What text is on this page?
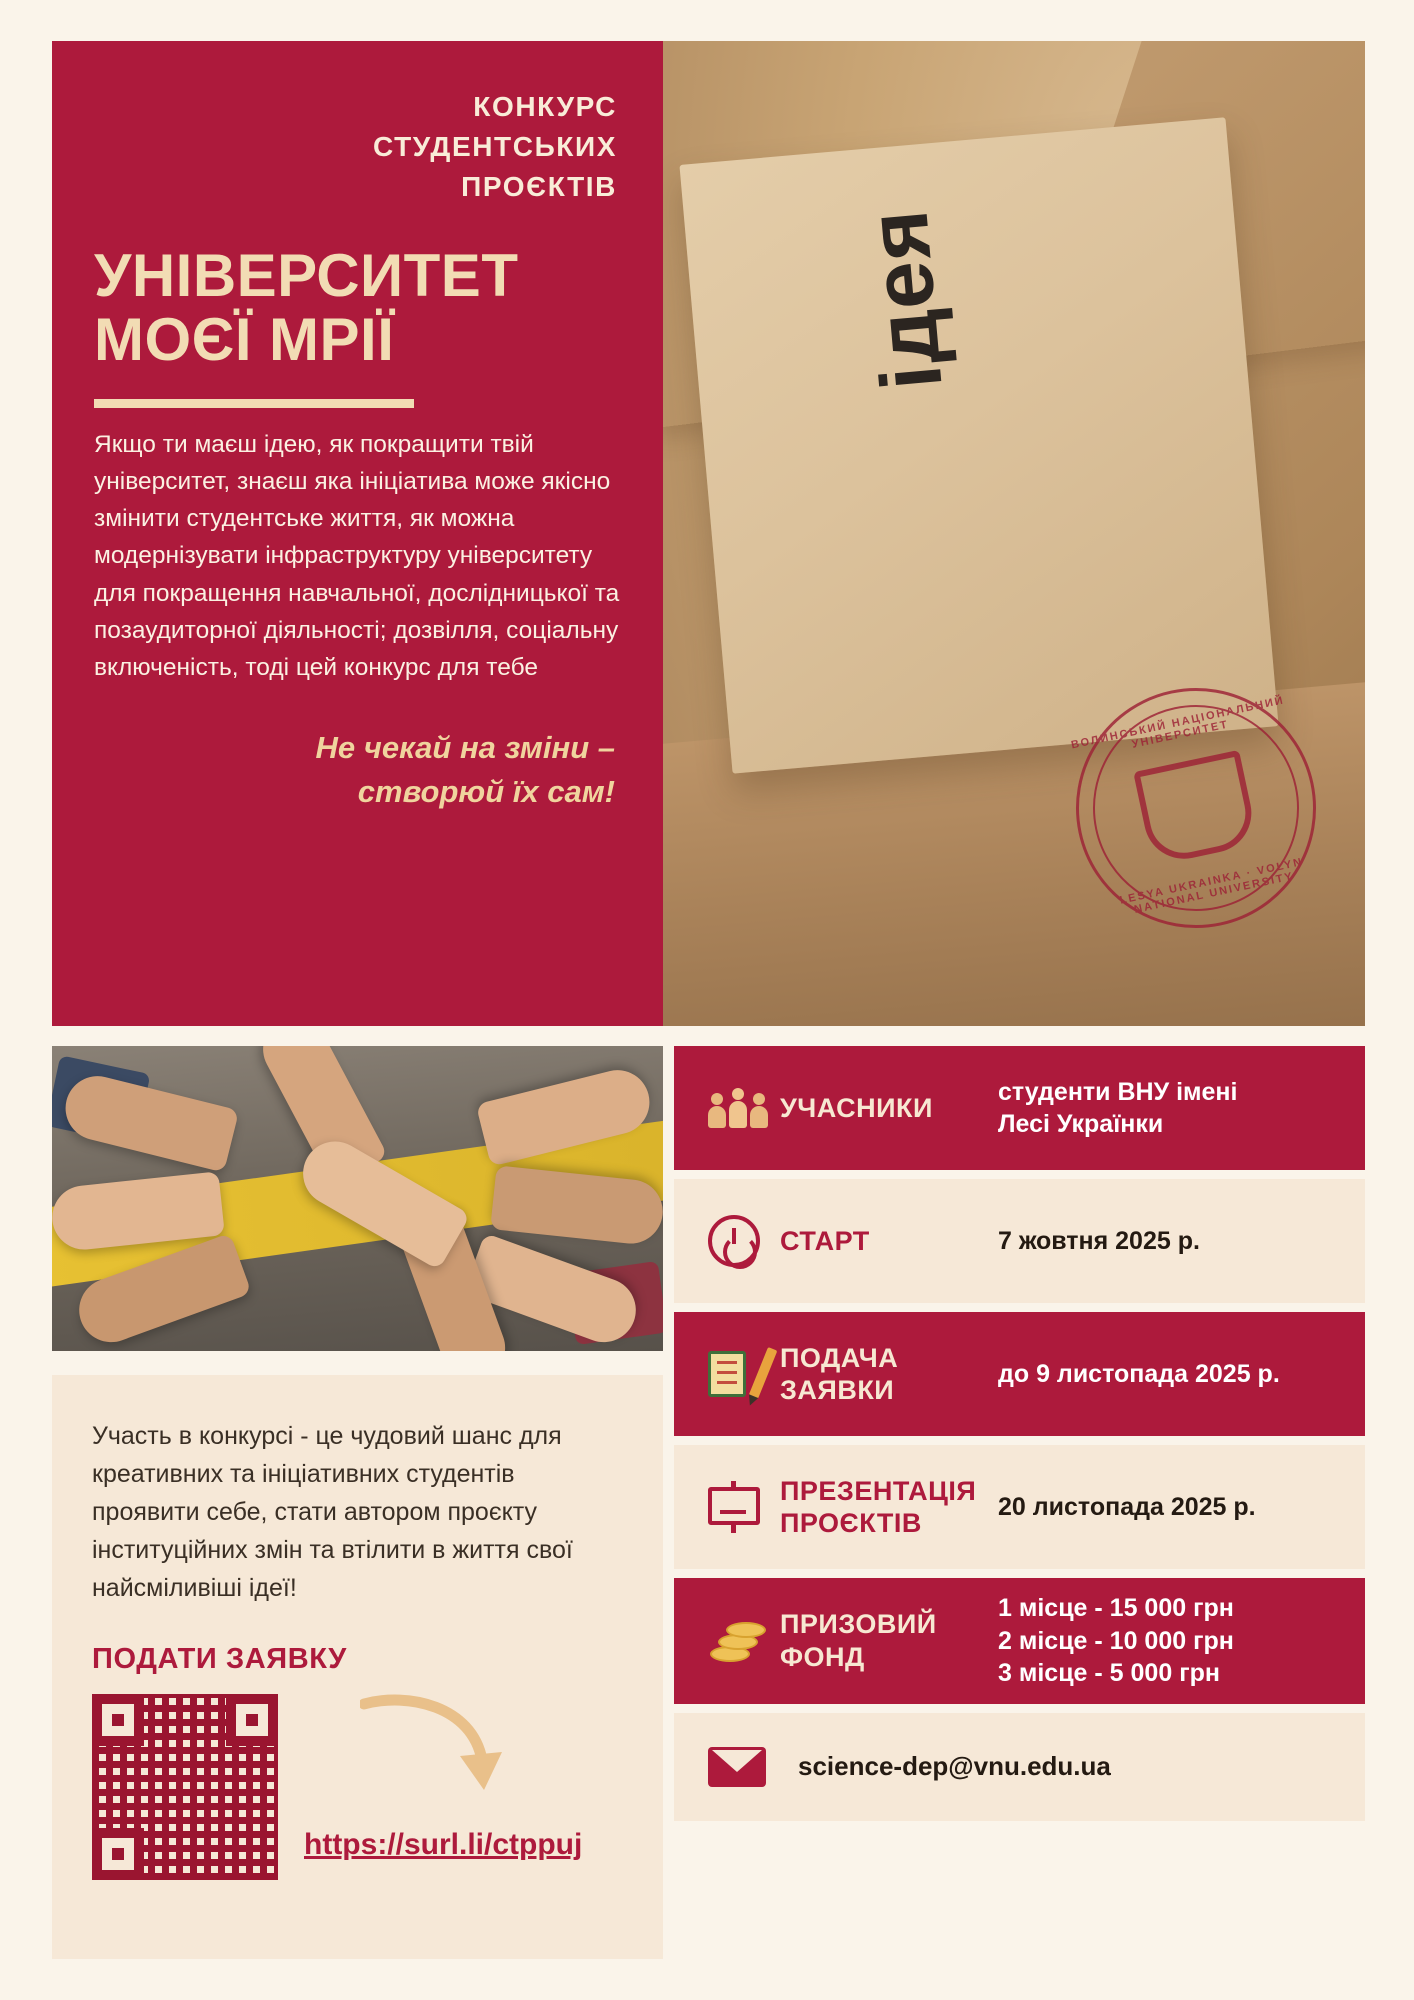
КОНКУРС
СТУДЕНТСЬКИХ
ПРОЄКТІВ
УНІВЕРСИТЕТ
МОЄЇ МРІЇ

Якщо ти маєш ідею, як покращити твій університет, знаєш яка ініціатива може якісно змінити студентське життя, як можна модернізувати інфраструктуру університету для покращення навчальної, дослідницької та позаудиторної діяльності; дозвілля, соціальну включеність, тоді цей конкурс для тебе

Не чекай на зміни –
створюй їх сам!
ідея
ВОЛИНСЬКИЙ НАЦІОНАЛЬНИЙ УНІВЕРСИТЕТ
LESYA UKRAINKA · VOLYN NATIONAL UNIVERSITY
УЧАСНИКИ
студенти ВНУ імені
Лесі Українки
СТАРТ	7 жовтня 2025 р.
ПОДАЧА
ЗАЯВКИ
до 9 листопада 2025 р.
ПРЕЗЕНТАЦІЯ
ПРОЄКТІВ
20 листопада 2025 р.
ПРИЗОВИЙ
ФОНД
1 місце - 15 000 грн
2 місце - 10 000 грн
3 місце - 5 000 грн
science-dep@vnu.edu.ua

Участь в конкурсі - це чудовий шанс для креативних та ініціативних студентів проявити себе, стати автором проєкту інституційних змін та втілити в життя свої найсміливіші ідеї!

ПОДАТИ ЗАЯВКУ
https://surl.li/ctppuj
